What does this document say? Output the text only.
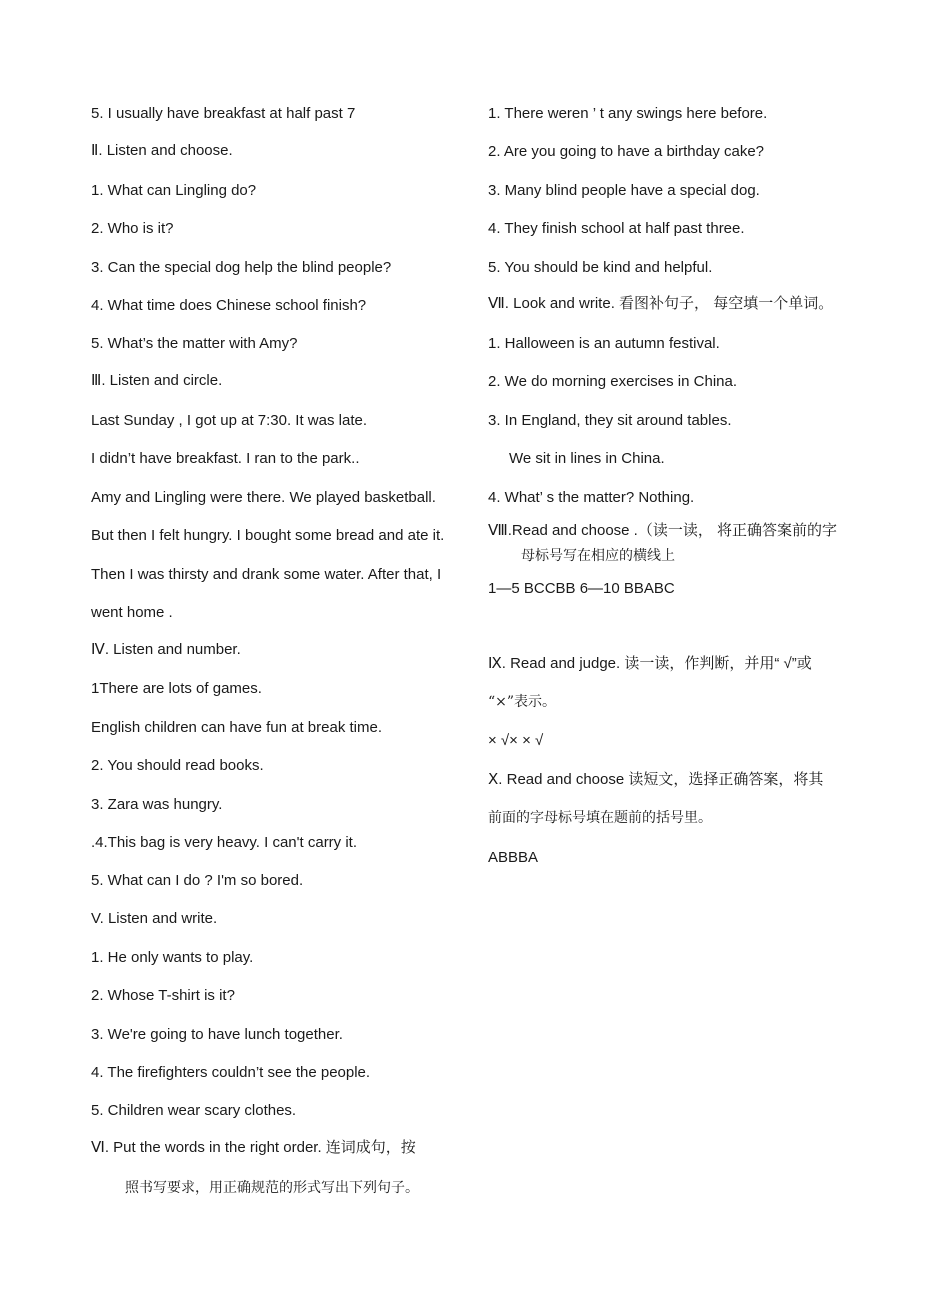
5. I usually have breakfast at half past 7
Ⅱ. Listen and choose.
1. What can Lingling do?
2. Who is it?
3. Can the special dog help the blind people?
4. What time does Chinese school finish?
5. What’s the matter with Amy?
Ⅲ. Listen and circle.
Last Sunday , I got up at 7:30. It was late.
I didn’t have breakfast. I ran to the park..
Amy and Lingling were there. We played basketball.
But then I felt hungry. I bought some bread and ate it.
Then I was thirsty and drank some water. After that, I
went home .
Ⅳ. Listen and number.
1There are lots of games.
English children can have fun at break time.
2. You should read books.
3. Zara was hungry.
.4.This bag is very heavy. I can't carry it.
5. What can I do ? I'm so bored.
V. Listen and write.
1. He only wants to play.
2. Whose T-shirt is it?
3. We're going to have lunch together.
4. The firefighters couldn’t see the people.
5. Children wear scary clothes.
Ⅵ. Put the words in the right order. 连词成句，按
照书写要求，用正确规范的形式写出下列句子。
1. There weren ’ t any swings here before.
2. Are you going to have a birthday cake?
3. Many blind people have a special dog.
4. They finish school at half past three.
5. You should be kind and helpful.
Ⅶ. Look and write. 看图补句子， 每空填一个单词。
1. Halloween is an autumn festival.
2. We do morning exercises in China.
3. In England, they sit around tables.
We sit in lines in China.
4. What’ s the matter? Nothing.
Ⅷ.Read and choose .（读一读， 将正确答案前的字
母标号写在相应的横线上
1—5 BCCBB 6—10 BBABC
Ⅸ. Read and judge. 读一读，作判断，并用“ √”或
“×”表示。
× √× × √
Ⅹ. Read and choose 读短文，选择正确答案，将其
前面的字母标号填在题前的括号里。
ABBBA
